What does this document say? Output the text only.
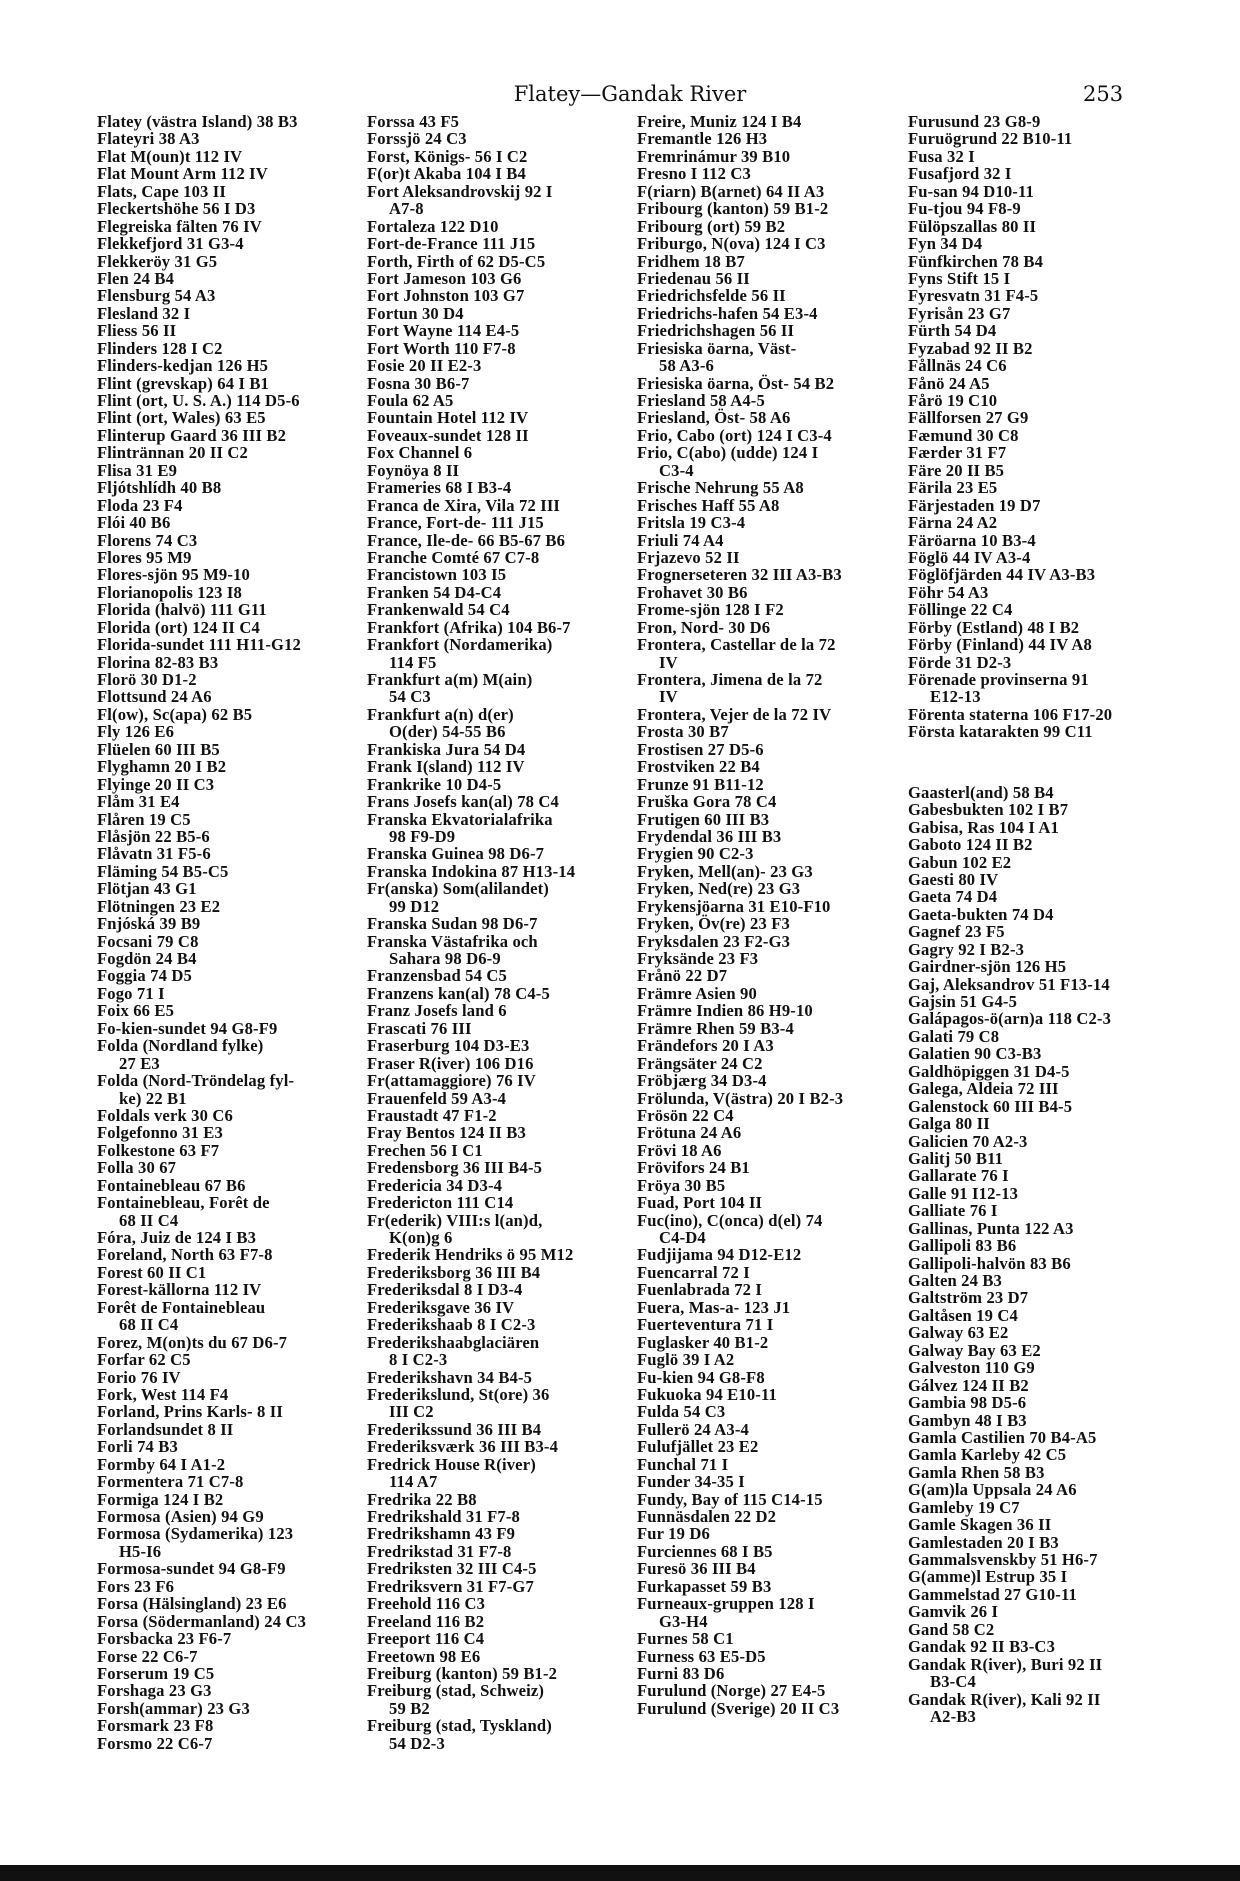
Flatey—Gandak River	253
Flatey (västra Island) 38 B3
Flateyri 38 A3
Flat M(oun)t 112 IV
Flat Mount Arm 112 IV
Flats, Cape 103 II
Fleckertshöhe 56 I D3
Flegreiska fälten 76 IV
Flekkefjord 31 G3-4
Flekkeröy 31 G5
Flen 24 B4
Flensburg 54 A3
Flesland 32 I
Fliess 56 II
Flinders 128 I C2
Flinders-kedjan 126 H5
Flint (grevskap) 64 I B1
Flint (ort, U. S. A.) 114 D5-6
Flint (ort, Wales) 63 E5
Flinterup Gaard 36 III B2
Flintrännan 20 II C2
Flisa 31 E9
Fljótshlídh 40 B8
Floda 23 F4
Flói 40 B6
Florens 74 C3
Flores 95 M9
Flores-sjön 95 M9-10
Florianopolis 123 I8
Florida (halvö) 111 G11
Florida (ort) 124 II C4
Florida-sundet 111 H11-G12
Florina 82-83 B3
Florö 30 D1-2
Flottsund 24 A6
Fl(ow), Sc(apa) 62 B5
Fly 126 E6
Flüelen 60 III B5
Flyghamn 20 I B2
Flyinge 20 II C3
Flåm 31 E4
Flåren 19 C5
Flåsjön 22 B5-6
Flåvatn 31 F5-6
Fläming 54 B5-C5
Flötjan 43 G1
Flötningen 23 E2
Fnjóská 39 B9
Focsani 79 C8
Fogdön 24 B4
Foggia 74 D5
Fogo 71 I
Foix 66 E5
Fo-kien-sundet 94 G8-F9
Folda (Nordland fylke)
27 E3
Folda (Nord-Tröndelag fyl-
ke) 22 B1
Foldals verk 30 C6
Folgefonno 31 E3
Folkestone 63 F7
Folla 30 67
Fontainebleau 67 B6
Fontainebleau, Forêt de
68 II C4
Fóra, Juiz de 124 I B3
Foreland, North 63 F7-8
Forest 60 II C1
Forest-källorna 112 IV
Forêt de Fontainebleau
68 II C4
Forez, M(on)ts du 67 D6-7
Forfar 62 C5
Forio 76 IV
Fork, West 114 F4
Forland, Prins Karls- 8 II
Forlandsundet 8 II
Forli 74 B3
Formby 64 I A1-2
Formentera 71 C7-8
Formiga 124 I B2
Formosa (Asien) 94 G9
Formosa (Sydamerika) 123
H5-I6
Formosa-sundet 94 G8-F9
Fors 23 F6
Forsa (Hälsingland) 23 E6
Forsa (Södermanland) 24 C3
Forsbacka 23 F6-7
Forse 22 C6-7
Forserum 19 C5
Forshaga 23 G3
Forsh(ammar) 23 G3
Forsmark 23 F8
Forsmo 22 C6-7
Forssa 43 F5
Forssjö 24 C3
Forst, Königs- 56 I C2
F(or)t Akaba 104 I B4
Fort Aleksandrovskij 92 I
A7-8
Fortaleza 122 D10
Fort-de-France 111 J15
Forth, Firth of 62 D5-C5
Fort Jameson 103 G6
Fort Johnston 103 G7
Fortun 30 D4
Fort Wayne 114 E4-5
Fort Worth 110 F7-8
Fosie 20 II E2-3
Fosna 30 B6-7
Foula 62 A5
Fountain Hotel 112 IV
Foveaux-sundet 128 II
Fox Channel 6
Foynöya 8 II
Frameries 68 I B3-4
Franca de Xira, Vila 72 III
France, Fort-de- 111 J15
France, Ile-de- 66 B5-67 B6
Franche Comté 67 C7-8
Francistown 103 I5
Franken 54 D4-C4
Frankenwald 54 C4
Frankfort (Afrika) 104 B6-7
Frankfort (Nordamerika)
114 F5
Frankfurt a(m) M(ain)
54 C3
Frankfurt a(n) d(er)
O(der) 54-55 B6
Frankiska Jura 54 D4
Frank I(sland) 112 IV
Frankrike 10 D4-5
Frans Josefs kan(al) 78 C4
Franska Ekvatorialafrika
98 F9-D9
Franska Guinea 98 D6-7
Franska Indokina 87 H13-14
Fr(anska) Som(alilandet)
99 D12
Franska Sudan 98 D6-7
Franska Västafrika och
Sahara 98 D6-9
Franzensbad 54 C5
Franzens kan(al) 78 C4-5
Franz Josefs land 6
Frascati 76 III
Fraserburg 104 D3-E3
Fraser R(iver) 106 D16
Fr(attamaggiore) 76 IV
Frauenfeld 59 A3-4
Fraustadt 47 F1-2
Fray Bentos 124 II B3
Frechen 56 I C1
Fredensborg 36 III B4-5
Fredericia 34 D3-4
Fredericton 111 C14
Fr(ederik) VIII:s l(an)d,
K(on)g 6
Frederik Hendriks ö 95 M12
Frederiksborg 36 III B4
Frederiksdal 8 I D3-4
Frederiksgave 36 IV
Frederikshaab 8 I C2-3
Frederikshaabglaciären
8 I C2-3
Frederikshavn 34 B4-5
Frederikslund, St(ore) 36
III C2
Frederikssund 36 III B4
Frederiksværk 36 III B3-4
Fredrick House R(iver)
114 A7
Fredrika 22 B8
Fredrikshald 31 F7-8
Fredrikshamn 43 F9
Fredrikstad 31 F7-8
Fredriksten 32 III C4-5
Fredriksvern 31 F7-G7
Freehold 116 C3
Freeland 116 B2
Freeport 116 C4
Freetown 98 E6
Freiburg (kanton) 59 B1-2
Freiburg (stad, Schweiz)
59 B2
Freiburg (stad, Tyskland)
54 D2-3
Freire, Muniz 124 I B4
Fremantle 126 H3
Fremrinámur 39 B10
Fresno I 112 C3
F(riarn) B(arnet) 64 II A3
Fribourg (kanton) 59 B1-2
Fribourg (ort) 59 B2
Friburgo, N(ova) 124 I C3
Fridhem 18 B7
Friedenau 56 II
Friedrichsfelde 56 II
Friedrichs-hafen 54 E3-4
Friedrichshagen 56 II
Friesiska öarna, Väst-
58 A3-6
Friesiska öarna, Öst- 54 B2
Friesland 58 A4-5
Friesland, Öst- 58 A6
Frio, Cabo (ort) 124 I C3-4
Frio, C(abo) (udde) 124 I
C3-4
Frische Nehrung 55 A8
Frisches Haff 55 A8
Fritsla 19 C3-4
Friuli 74 A4
Frjazevo 52 II
Frognerseteren 32 III A3-B3
Frohavet 30 B6
Frome-sjön 128 I F2
Fron, Nord- 30 D6
Frontera, Castellar de la 72
IV
Frontera, Jimena de la 72
IV
Frontera, Vejer de la 72 IV
Frosta 30 B7
Frostisen 27 D5-6
Frostviken 22 B4
Frunze 91 B11-12
Fruška Gora 78 C4
Frutigen 60 III B3
Frydendal 36 III B3
Frygien 90 C2-3
Fryken, Mell(an)- 23 G3
Fryken, Ned(re) 23 G3
Frykensjöarna 31 E10-F10
Fryken, Öv(re) 23 F3
Fryksdalen 23 F2-G3
Fryksände 23 F3
Frånö 22 D7
Främre Asien 90
Främre Indien 86 H9-10
Främre Rhen 59 B3-4
Frändefors 20 I A3
Frängsäter 24 C2
Fröbjærg 34 D3-4
Frölunda, V(ästra) 20 I B2-3
Frösön 22 C4
Frötuna 24 A6
Frövi 18 A6
Frövifors 24 B1
Fröya 30 B5
Fuad, Port 104 II
Fuc(ino), C(onca) d(el) 74
C4-D4
Fudjijama 94 D12-E12
Fuencarral 72 I
Fuenlabrada 72 I
Fuera, Mas-a- 123 J1
Fuerteventura 71 I
Fuglasker 40 B1-2
Fuglö 39 I A2
Fu-kien 94 G8-F8
Fukuoka 94 E10-11
Fulda 54 C3
Fullerö 24 A3-4
Fulufjället 23 E2
Funchal 71 I
Funder 34-35 I
Fundy, Bay of 115 C14-15
Funnäsdalen 22 D2
Fur 19 D6
Furciennes 68 I B5
Furesö 36 III B4
Furkapasset 59 B3
Furneaux-gruppen 128 I
G3-H4
Furnes 58 C1
Furness 63 E5-D5
Furni 83 D6
Furulund (Norge) 27 E4-5
Furulund (Sverige) 20 II C3
Furusund 23 G8-9
Furuögrund 22 B10-11
Fusa 32 I
Fusafjord 32 I
Fu-san 94 D10-11
Fu-tjou 94 F8-9
Fülöpszallas 80 II
Fyn 34 D4
Fünfkirchen 78 B4
Fyns Stift 15 I
Fyresvatn 31 F4-5
Fyrisån 23 G7
Fürth 54 D4
Fyzabad 92 II B2
Fållnäs 24 C6
Fånö 24 A5
Fårö 19 C10
Fällforsen 27 G9
Fæmund 30 C8
Færder 31 F7
Färe 20 II B5
Färila 23 E5
Färjestaden 19 D7
Färna 24 A2
Färöarna 10 B3-4
Föglö 44 IV A3-4
Föglöfjärden 44 IV A3-B3
Föhr 54 A3
Föllinge 22 C4
Förby (Estland) 48 I B2
Förby (Finland) 44 IV A8
Förde 31 D2-3
Förenade provinserna 91
E12-13
Förenta staterna 106 F17-20
Första katarakten 99 C11
Gaasterl(and) 58 B4
Gabesbukten 102 I B7
Gabisa, Ras 104 I A1
Gaboto 124 II B2
Gabun 102 E2
Gaesti 80 IV
Gaeta 74 D4
Gaeta-bukten 74 D4
Gagnef 23 F5
Gagry 92 I B2-3
Gairdner-sjön 126 H5
Gaj, Aleksandrov 51 F13-14
Gajsin 51 G4-5
Galápagos-ö(arn)a 118 C2-3
Galati 79 C8
Galatien 90 C3-B3
Galdhöpiggen 31 D4-5
Galega, Aldeia 72 III
Galenstock 60 III B4-5
Galga 80 II
Galicien 70 A2-3
Galitj 50 B11
Gallarate 76 I
Galle 91 I12-13
Galliate 76 I
Gallinas, Punta 122 A3
Gallipoli 83 B6
Gallipoli-halvön 83 B6
Galten 24 B3
Galtström 23 D7
Galtåsen 19 C4
Galway 63 E2
Galway Bay 63 E2
Galveston 110 G9
Gálvez 124 II B2
Gambia 98 D5-6
Gambyn 48 I B3
Gamla Castilien 70 B4-A5
Gamla Karleby 42 C5
Gamla Rhen 58 B3
G(am)la Uppsala 24 A6
Gamleby 19 C7
Gamle Skagen 36 II
Gamlestaden 20 I B3
Gammalsvenskby 51 H6-7
G(amme)l Estrup 35 I
Gammelstad 27 G10-11
Gamvik 26 I
Gand 58 C2
Gandak 92 II B3-C3
Gandak R(iver), Buri 92 II
B3-C4
Gandak R(iver), Kali 92 II
A2-B3
